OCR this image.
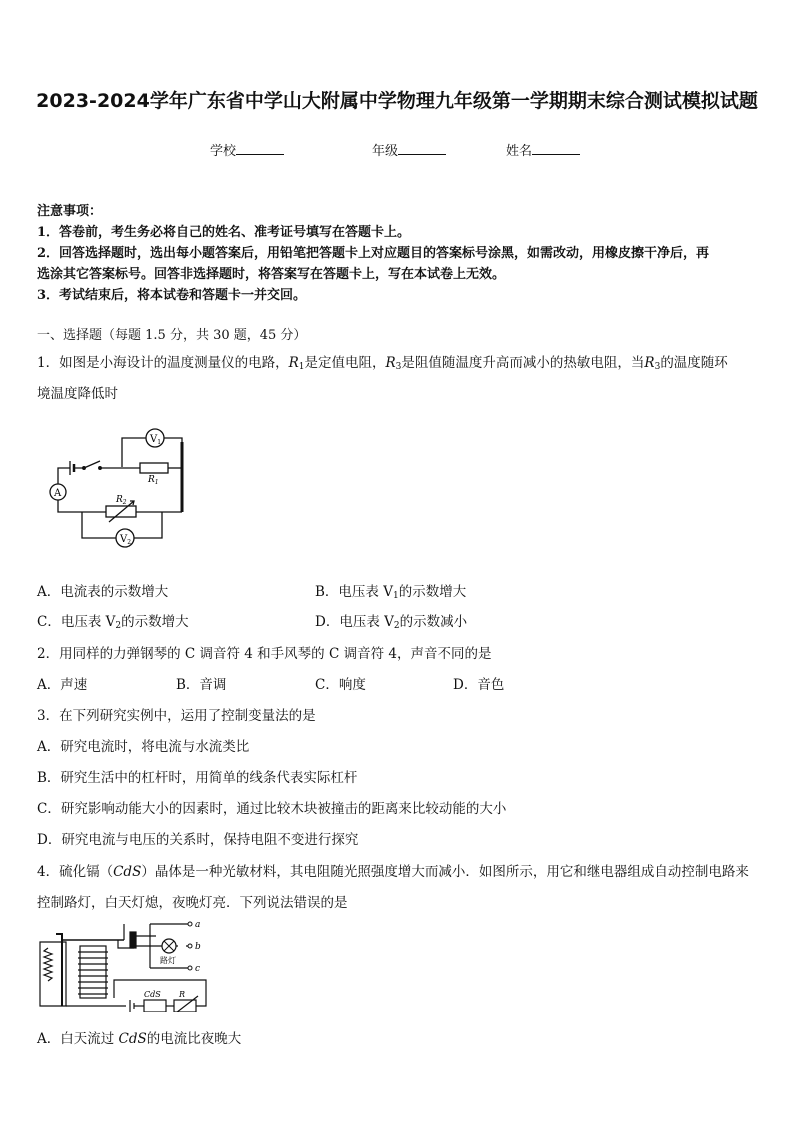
2023-2024学年广东省中学山大附属中学物理九年级第一学期期末综合测试模拟试题
学校	年级	姓名
注意事项：
1．答卷前，考生务必将自己的姓名、准考证号填写在答题卡上。
2．回答选择题时，选出每小题答案后，用铅笔把答题卡上对应题目的答案标号涂黑，如需改动，用橡皮擦干净后，再
选涂其它答案标号。回答非选择题时，将答案写在答题卡上，写在本试卷上无效。
3．考试结束后，将本试卷和答题卡一并交回。
一、选择题（每题 1.5 分，共 30 题，45 分）
1．如图是小海设计的温度测量仪的电路，$R_1$是定值电阻，$R_3$是阻值随温度升高而减小的热敏电阻，当$R_3$的温度随环
境温度降低时
$V_1$
A
$R_1$
$R_2$
$V_2$
A．电流表的示数增大	B．电压表 $V_1$的示数增大
C．电压表 $V_2$的示数增大	D．电压表 $V_2$的示数减小
2．用同样的力弹钢琴的 C 调音符 4 和手风琴的 C 调音符 4，声音不同的是
A．声速	B．音调	C．响度	D．音色
3．在下列研究实例中，运用了控制变量法的是
A．研究电流时，将电流与水流类比
B．研究生活中的杠杆时，用简单的线条代表实际杠杆
C．研究影响动能大小的因素时，通过比较木块被撞击的距离来比较动能的大小
D．研究电流与电压的关系时，保持电阻不变进行探究
4．硫化镉（CdS）晶体是一种光敏材料，其电阻随光照强度增大而减小．如图所示，用它和继电器组成自动控制电路来
控制路灯，白天灯熄，夜晚灯亮．下列说法错误的是
a
b
c
路灯
CdS R
A．白天流过 CdS的电流比夜晚大
